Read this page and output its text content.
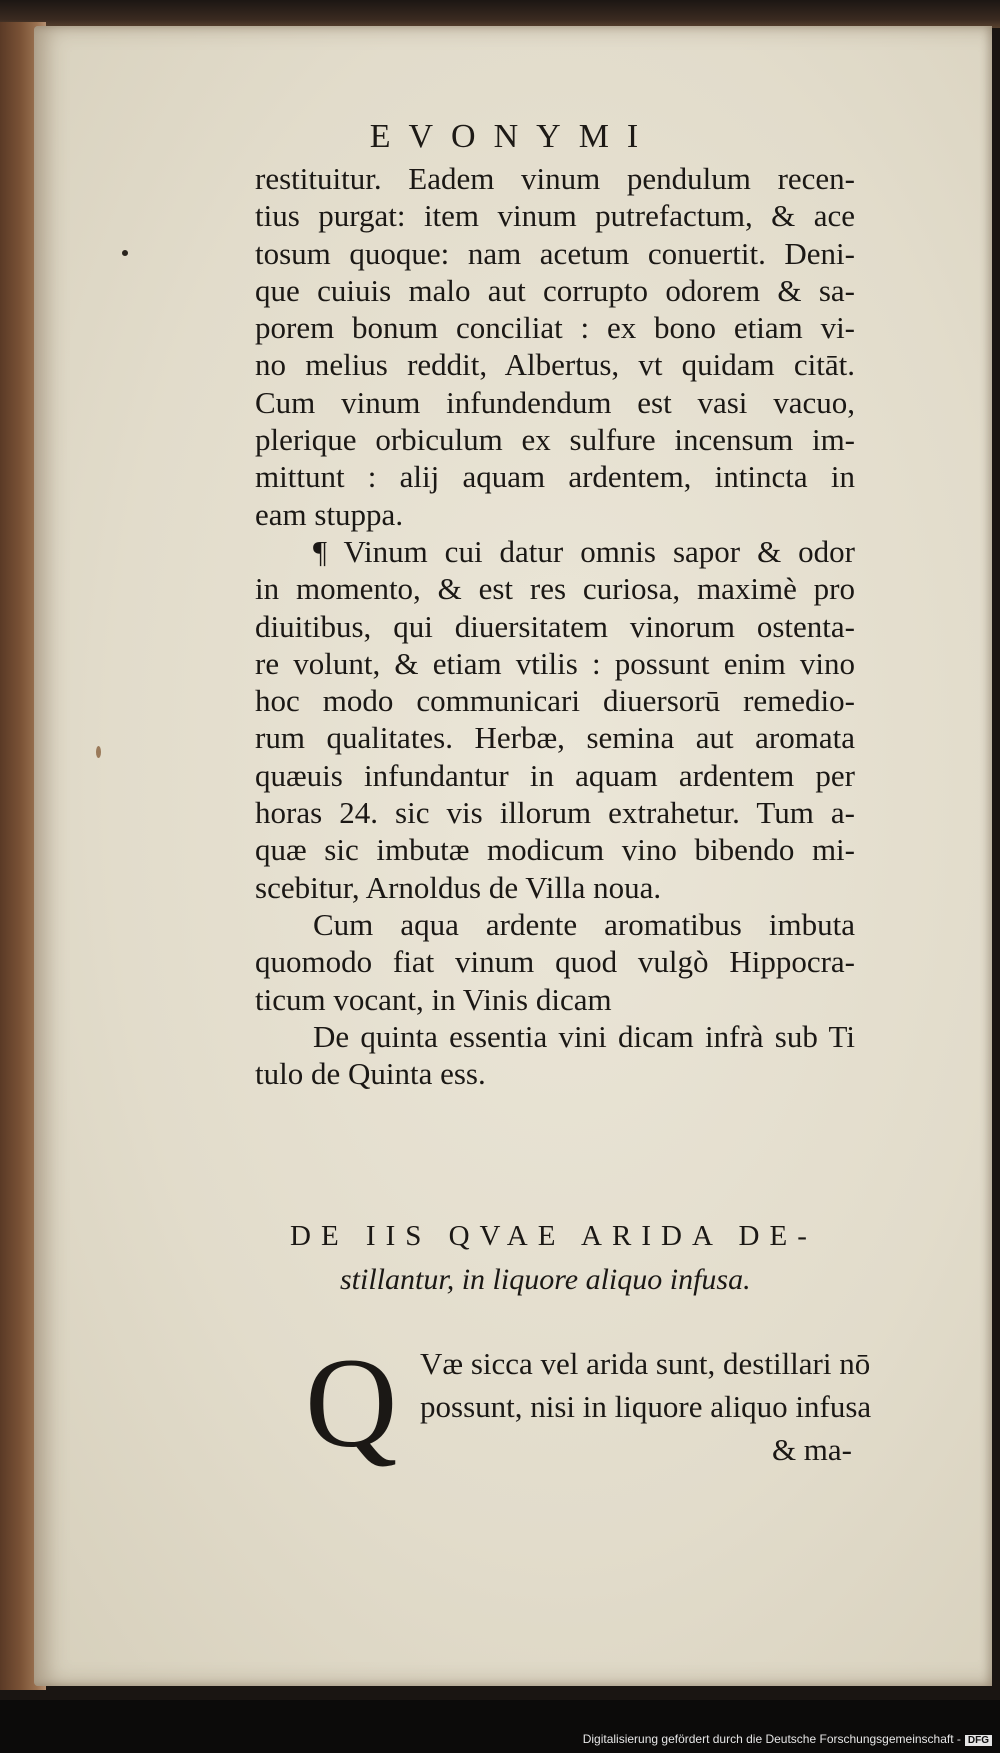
EVONYMI
restituitur. Eadem vinum pendulum recen-
tius purgat: item vinum putrefactum, & ace
tosum quoque: nam acetum conuertit. Deni-
que cuiuis malo aut corrupto odorem & sa-
porem bonum conciliat : ex bono etiam vi-
no melius reddit, Albertus, vt quidam citāt.
Cum vinum infundendum est vasi vacuo,
plerique orbiculum ex sulfure incensum im-
mittunt : alij aquam ardentem, intincta in
eam stuppa.
¶ Vinum cui datur omnis sapor & odor
in momento, & est res curiosa, maximè pro
diuitibus, qui diuersitatem vinorum ostenta-
re volunt, & etiam vtilis : possunt enim vino
hoc modo communicari diuersorū remedio-
rum qualitates. Herbæ, semina aut aromata
quæuis infundantur in aquam ardentem per
horas 24. sic vis illorum extrahetur. Tum a-
quæ sic imbutæ modicum vino bibendo mi-
scebitur, Arnoldus de Villa noua.
Cum aqua ardente aromatibus imbuta
quomodo fiat vinum quod vulgò Hippocra-
ticum vocant, in Vinis dicam
De quinta essentia vini dicam infrà sub Ti
tulo de Quinta ess.
DE IIS QVAE ARIDA DE-
stillantur, in liquore aliquo infusa.
Q Væ sicca vel arida sunt, destillari nō
possunt, nisi in liquore aliquo infusa
& ma-
Digitalisierung gefördert durch die Deutsche Forschungsgemeinschaft - DFG
